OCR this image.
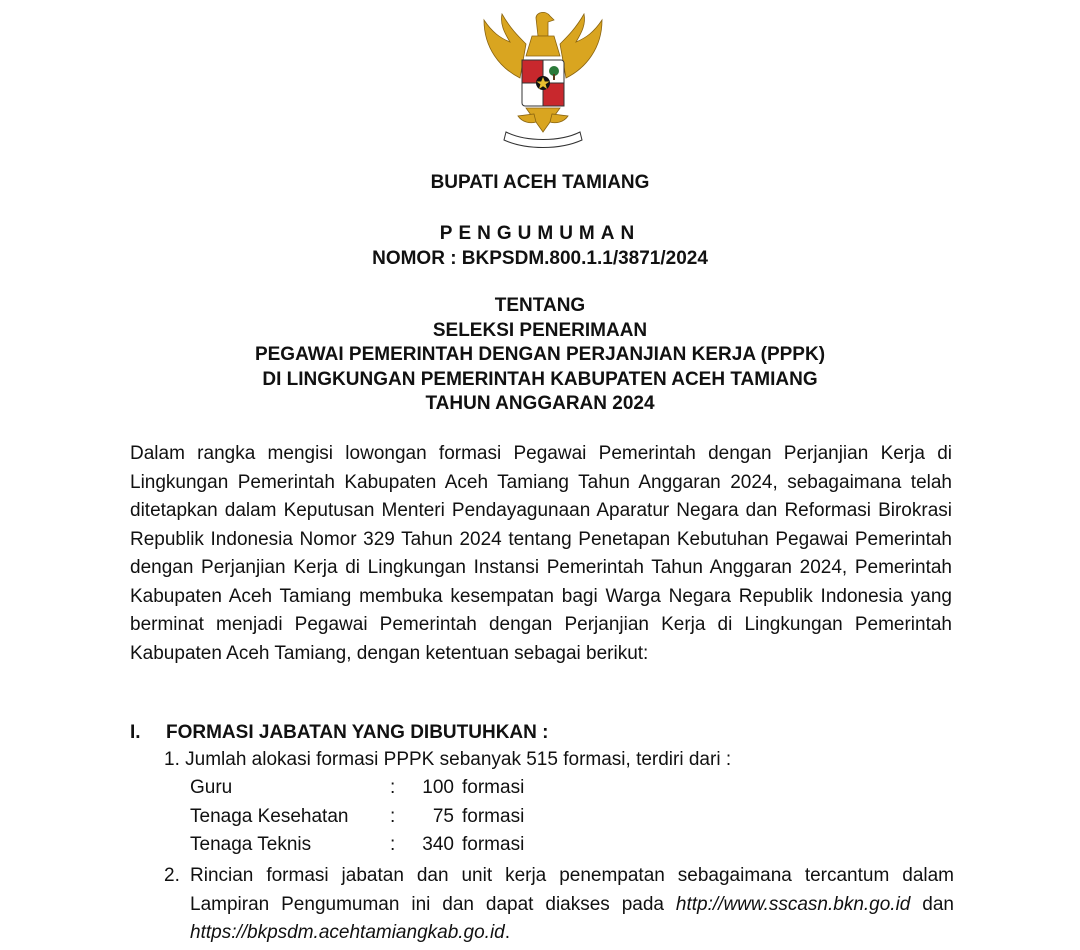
BUPATI ACEH TAMIANG
PENGUMUMAN
NOMOR : BKPSDM.800.1.1/3871/2024
TENTANG
SELEKSI PENERIMAAN
PEGAWAI PEMERINTAH DENGAN PERJANJIAN KERJA (PPPK)
DI LINGKUNGAN PEMERINTAH KABUPATEN ACEH TAMIANG
TAHUN ANGGARAN 2024

Dalam rangka mengisi lowongan formasi Pegawai Pemerintah dengan Perjanjian Kerja di Lingkungan Pemerintah Kabupaten Aceh Tamiang Tahun Anggaran 2024, sebagaimana telah ditetapkan dalam Keputusan Menteri Pendayagunaan Aparatur Negara dan Reformasi Birokrasi Republik Indonesia Nomor 329 Tahun 2024 tentang Penetapan Kebutuhan Pegawai Pemerintah dengan Perjanjian Kerja di Lingkungan Instansi Pemerintah Tahun Anggaran 2024, Pemerintah Kabupaten Aceh Tamiang membuka kesempatan bagi Warga Negara Republik Indonesia yang berminat menjadi Pegawai Pemerintah dengan Perjanjian Kerja di Lingkungan Pemerintah Kabupaten Aceh Tamiang, dengan ketentuan sebagai berikut:

I. FORMASI JABATAN YANG DIBUTUHKAN :
1. Jumlah alokasi formasi PPPK sebanyak 515 formasi, terdiri dari :
Guru	:	100	formasi
Tenaga Kesehatan	:	75	formasi
Tenaga Teknis	:	340	formasi
2. Rincian formasi jabatan dan unit kerja penempatan sebagaimana tercantum dalam Lampiran Pengumuman ini dan dapat diakses pada http://www.sscasn.bkn.go.id dan https://bkpsdm.acehtamiangkab.go.id.
